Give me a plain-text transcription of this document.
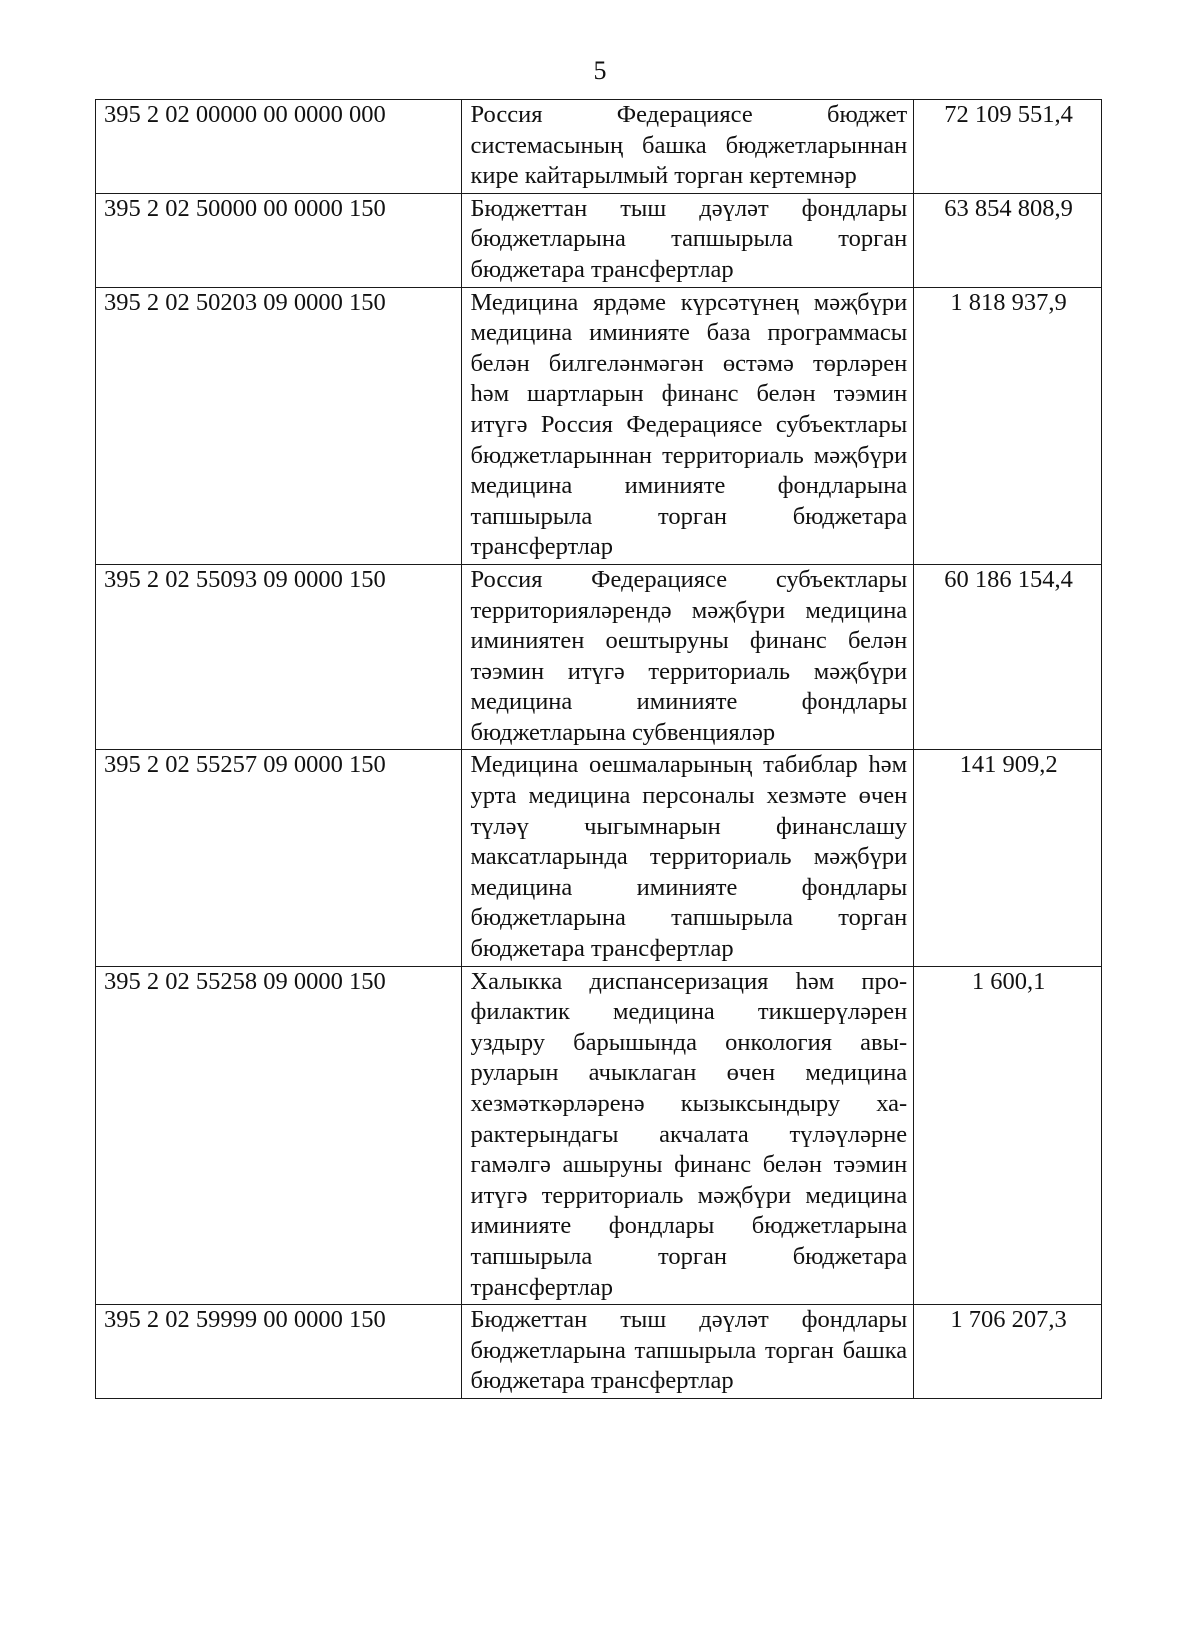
5
395 2 02 00000 00 0000 000	Россия Федерациясе бюджет системасының башка бюджетларыннан кире кайтарылмый торган кертемнәр	72 109 551,4
395 2 02 50000 00 0000 150	Бюджеттан тыш дәүләт фондлары бюджетларына тапшырыла торган бюджетара трансфертлар	63 854 808,9
395 2 02 50203 09 0000 150	Медицина ярдәме күрсәтүнең мәҗбүри медицина иминияте база программасы белән билгеләнмәгән өстәмә төрләрен һәм шартларын финанс белән тәэмин итүгә Россия Федерациясе субъектлары бюджетларыннан территориаль мәҗбүри медицина иминияте фондларына тапшырыла торган бюджетара трансфертлар	1 818 937,9
395 2 02 55093 09 0000 150	Россия Федерациясе субъектлары территорияләрендә мәҗбүри медицина иминиятен оештыруны финанс белән тәэмин итүгә территориаль мәҗбүри медицина иминияте фондлары бюджетларына субвенцияләр	60 186 154,4
395 2 02 55257 09 0000 150	Медицина оешмаларының табиблар һәм урта медицина персоналы хезмәте өчен түләү чыгымнарын финанслашу максатларында территориаль мәҗбүри медицина иминияте фондлары бюджетларына тапшырыла торган бюджетара трансфертлар	141 909,2
395 2 02 55258 09 0000 150	Халыкка диспансеризация һәм профилактик медицина тикшерүләрен уздыру барышында онкология авыруларын ачыклаган өчен медицина хезмәткәрләренә кызыксындыру характерындагы акчалата түләүләрне гамәлгә ашыруны финанс белән тәэмин итүгә территориаль мәҗбүри медицина иминияте фондлары бюджетларына тапшырыла торган бюджетара трансфертлар	1 600,1
395 2 02 59999 00 0000 150	Бюджеттан тыш дәүләт фондлары бюджетларына тапшырыла торган башка бюджетара трансфертлар	1 706 207,3
